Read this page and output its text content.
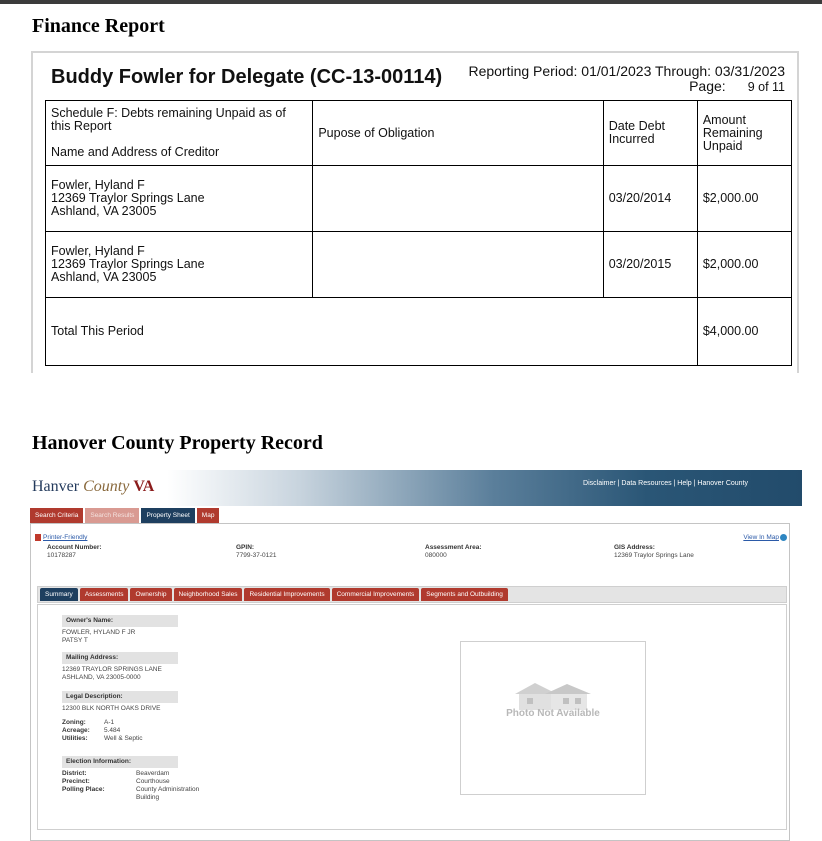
Finance Report
Buddy Fowler for Delegate (CC-13-00114) Reporting Period: 01/01/2023 Through: 03/31/2023
Page: 9 of 11
Schedule F: Debts remaining Unpaid as of this Report
Name and Address of Creditor	Pupose of Obligation	Date Debt Incurred	Amount Remaining Unpaid

Fowler, Hyland F
12369 Traylor Springs Lane
Ashland, VA 23005		03/20/2014	$2,000.00

Fowler, Hyland F
12369 Traylor Springs Lane
Ashland, VA 23005		03/20/2015	$2,000.00
Total This Period			$4,000.00
Hanover County Property Record
Hanver County VA	Disclaimer | Data Resources | Help | Hanover County
Search Criteria	Search Results	Property Sheet	Map
Printer-Friendly	View In Map
Account Number:
10178287
GPIN:
7799-37-0121
Assessment Area:
080000
GIS Address:
12369 Traylor Springs Lane
Summary	Assessments	Ownership	Neighborhood Sales	Residential Improvements	Commercial Improvements	Segments and Outbuilding
Owner's Name:
FOWLER, HYLAND F JR
PATSY T
Mailing Address:
12369 TRAYLOR SPRINGS LANE
ASHLAND, VA 23005-0000
Legal Description:
12300 BLK NORTH OAKS DRIVE
Zoning:	A-1
Acreage:	5.484
Utilities:	Well & Septic
Election Information:
District:	Beaverdam
Precinct:	Courthouse
Polling Place:	County Administration
Building
Photo Not Available
